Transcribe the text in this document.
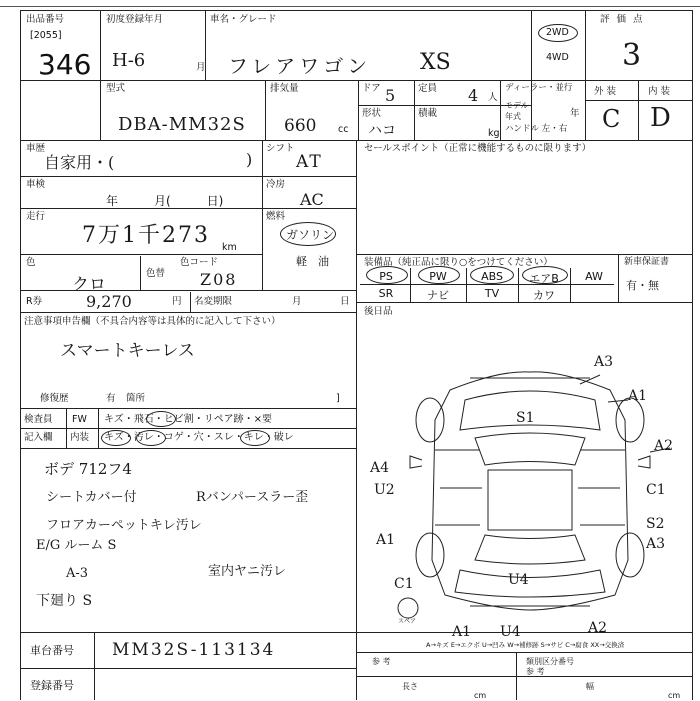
出品番号
[2055]
346
初度登録年月
H-6	月
車名・グレード
フレアワゴン XS
2WD
4WD
評 価 点
3
外 装	内 装
C D
型式
DBA-MM32S
排気量
660 cc
ドア 5 定員 4 人
形状
ハコ
積載
kg
ディーラー・並行
モデル年式	年
ハンドル 左・右
車歴
自家用・(	)
シフト
AT
車検
年　　　月(　　　日)
冷房
AC
走行
7万1千273 km
燃料
ガソリン
軽 油
色
クロ
色替
色コード
Z08
R券	9,270	円 名変期限	月	日
注意事項申告欄（不具合内容等は具体的に記入して下さい）
スマートキーレス
修復歴	有 箇所	]
検査員
記入欄
FW キズ・飛石・ヒビ割・リペア跡・×要
内装 キズ・汚レ・コゲ・穴・スレ・キレ・破レ
ボデ 712フ4
シートカバー付
フロアカーペットキレ汚レ
E/G ルーム S
A-3
下廻り S
Rバンパースラー歪
室内ヤニ汚レ
車台番号 MM32S-113134
登録番号
セールスポイント（正常に機能するものに限ります）
装備品（純正品に限り○をつけてください）	新車保証書
有・無
PS	PW	ABS	エアB	AW
SR	ナビ	TV	カワ
後日品
A3
S1
A1
A2
C1
S2
A3
A4
U2
A1
C1	U4
A1 U4	A2
スペア
A→キズ E→エクボ U→凹み W→補修跡 S→サビ C→腐食 XX→交換済
参 考	類別区分番号
参 考
長さ
cm
幅
cm
